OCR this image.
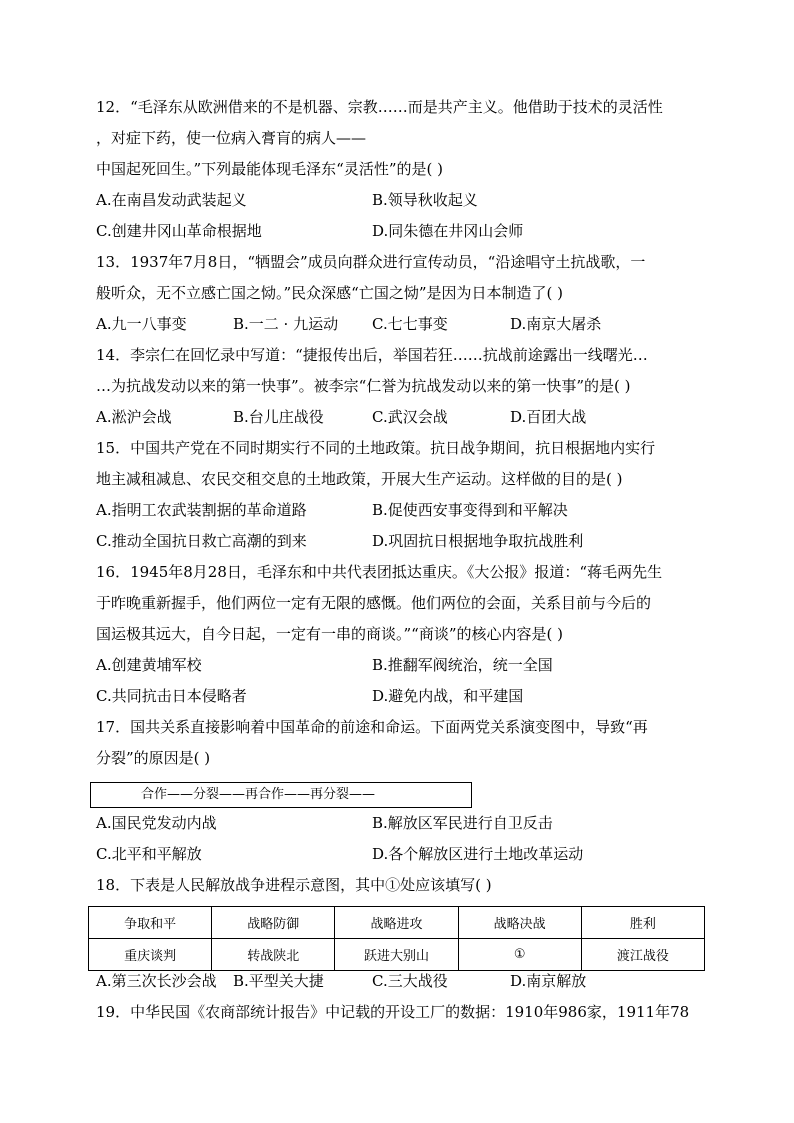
12．“毛泽东从欧洲借来的不是机器、宗教……而是共产主义。他借助于技术的灵活性
，对症下药，使一位病入膏肓的病人——
中国起死回生。”下列最能体现毛泽东“灵活性”的是( )
A.在南昌发动武装起义	B.领导秋收起义
C.创建井冈山革命根据地	D.同朱德在井冈山会师
13．1937年7月8日，“牺盟会”成员向群众进行宣传动员，“沿途唱守土抗战歌，一
般听众，无不立感亡国之恸。”民众深感“亡国之恸”是因为日本制造了( )
A.九一八事变	B.一二 · 九运动 C.七七事变	D.南京大屠杀
14．李宗仁在回忆录中写道：“捷报传出后，举国若狂……抗战前途露出一线曙光…
…为抗战发动以来的第一快事”。被李宗“仁誉为抗战发动以来的第一快事”的是( )
A.淞沪会战	B.台儿庄战役	C.武汉会战	D.百团大战
15．中国共产党在不同时期实行不同的土地政策。抗日战争期间，抗日根据地内实行
地主减租减息、农民交租交息的土地政策，开展大生产运动。这样做的目的是( )
A.指明工农武装割据的革命道路	B.促使西安事变得到和平解决
C.推动全国抗日救亡高潮的到来	D.巩固抗日根据地争取抗战胜利
16．1945年8月28日，毛泽东和中共代表团抵达重庆。《大公报》报道：“蒋毛两先生
于昨晚重新握手，他们两位一定有无限的感慨。他们两位的会面，关系目前与今后的
国运极其远大，自今日起，一定有一串的商谈。”“商谈”的核心内容是( )
A.创建黄埔军校	B.推翻军阀统治，统一全国
C.共同抗击日本侵略者	D.避免内战，和平建国
17．国共关系直接影响着中国革命的前途和命运。下面两党关系演变图中，导致“再
分裂”的原因是( )
合作——分裂——再合作——再分裂——
A.国民党发动内战	B.解放区军民进行自卫反击
C.北平和平解放	D.各个解放区进行土地改革运动
18．下表是人民解放战争进程示意图，其中①处应该填写( )
争取和平	战略防御	战略进攻	战略决战	胜利
重庆谈判	转战陕北	跃进大别山	①	渡江战役
A.第三次长沙会战 B.平型关大捷	C.三大战役	D.南京解放
19．中华民国《农商部统计报告》中记载的开设工厂的数据：1910年986家，1911年78
